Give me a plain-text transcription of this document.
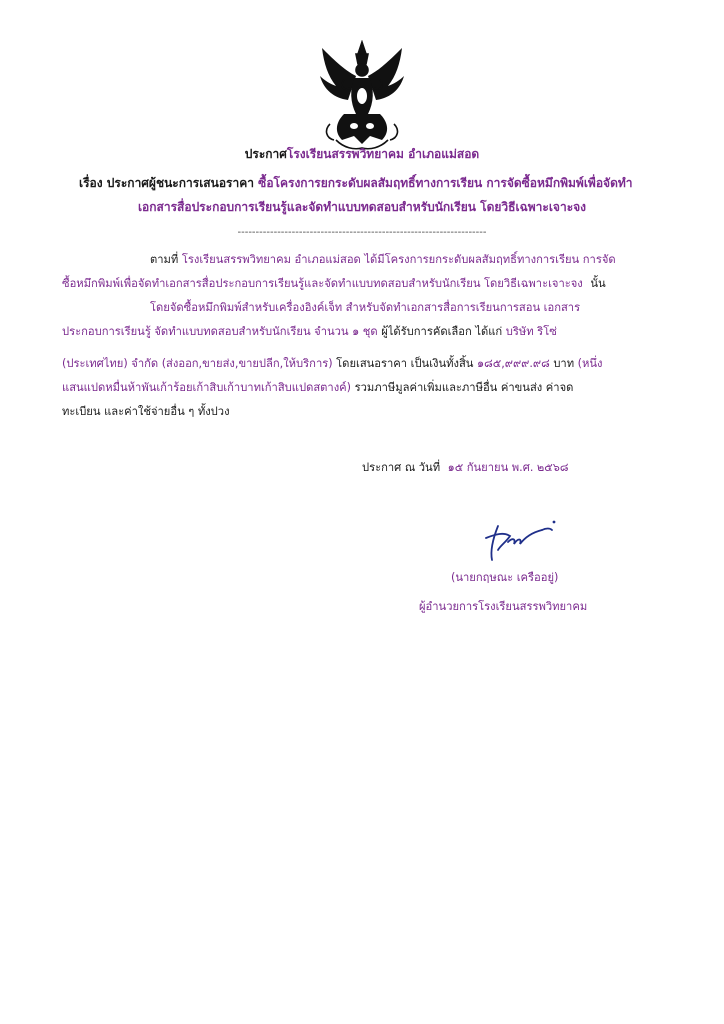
ประกาศโรงเรียนสรรพวิทยาคม อำเภอแม่สอด
เรื่อง ประกาศผู้ชนะการเสนอราคา ซื้อโครงการยกระดับผลสัมฤทธิ์ทางการเรียน การจัดซื้อหมึกพิมพ์เพื่อจัดทำ
เอกสารสื่อประกอบการเรียนรู้และจัดทำแบบทดสอบสำหรับนักเรียน โดยวิธีเฉพาะเจาะจง
---------------------------------------------------------------------
ตามที่ โรงเรียนสรรพวิทยาคม อำเภอแม่สอด ได้มีโครงการยกระดับผลสัมฤทธิ์ทางการเรียน การจัด
ซื้อหมึกพิมพ์เพื่อจัดทำเอกสารสื่อประกอบการเรียนรู้และจัดทำแบบทดสอบสำหรับนักเรียน โดยวิธีเฉพาะเจาะจง นั้น
โดยจัดซื้อหมึกพิมพ์สำหรับเครื่องอิงค์เจ็ท สำหรับจัดทำเอกสารสื่อการเรียนการสอน เอกสาร
ประกอบการเรียนรู้ จัดทำแบบทดสอบสำหรับนักเรียน จำนวน ๑ ชุด ผู้ได้รับการคัดเลือก ได้แก่ บริษัท ริโซ่
(ประเทศไทย) จำกัด (ส่งออก,ขายส่ง,ขายปลีก,ให้บริการ) โดยเสนอราคา เป็นเงินทั้งสิ้น ๑๘๕,๙๙๙.๙๘ บาท (หนึ่ง
แสนแปดหมื่นห้าพันเก้าร้อยเก้าสิบเก้าบาทเก้าสิบแปดสตางค์) รวมภาษีมูลค่าเพิ่มและภาษีอื่น ค่าขนส่ง ค่าจด
ทะเบียน และค่าใช้จ่ายอื่น ๆ ทั้งปวง
ประกาศ ณ วันที่ ๑๕ กันยายน พ.ศ. ๒๕๖๘
(นายกฤษณะ เครืออยู่)
ผู้อำนวยการโรงเรียนสรรพวิทยาคม
